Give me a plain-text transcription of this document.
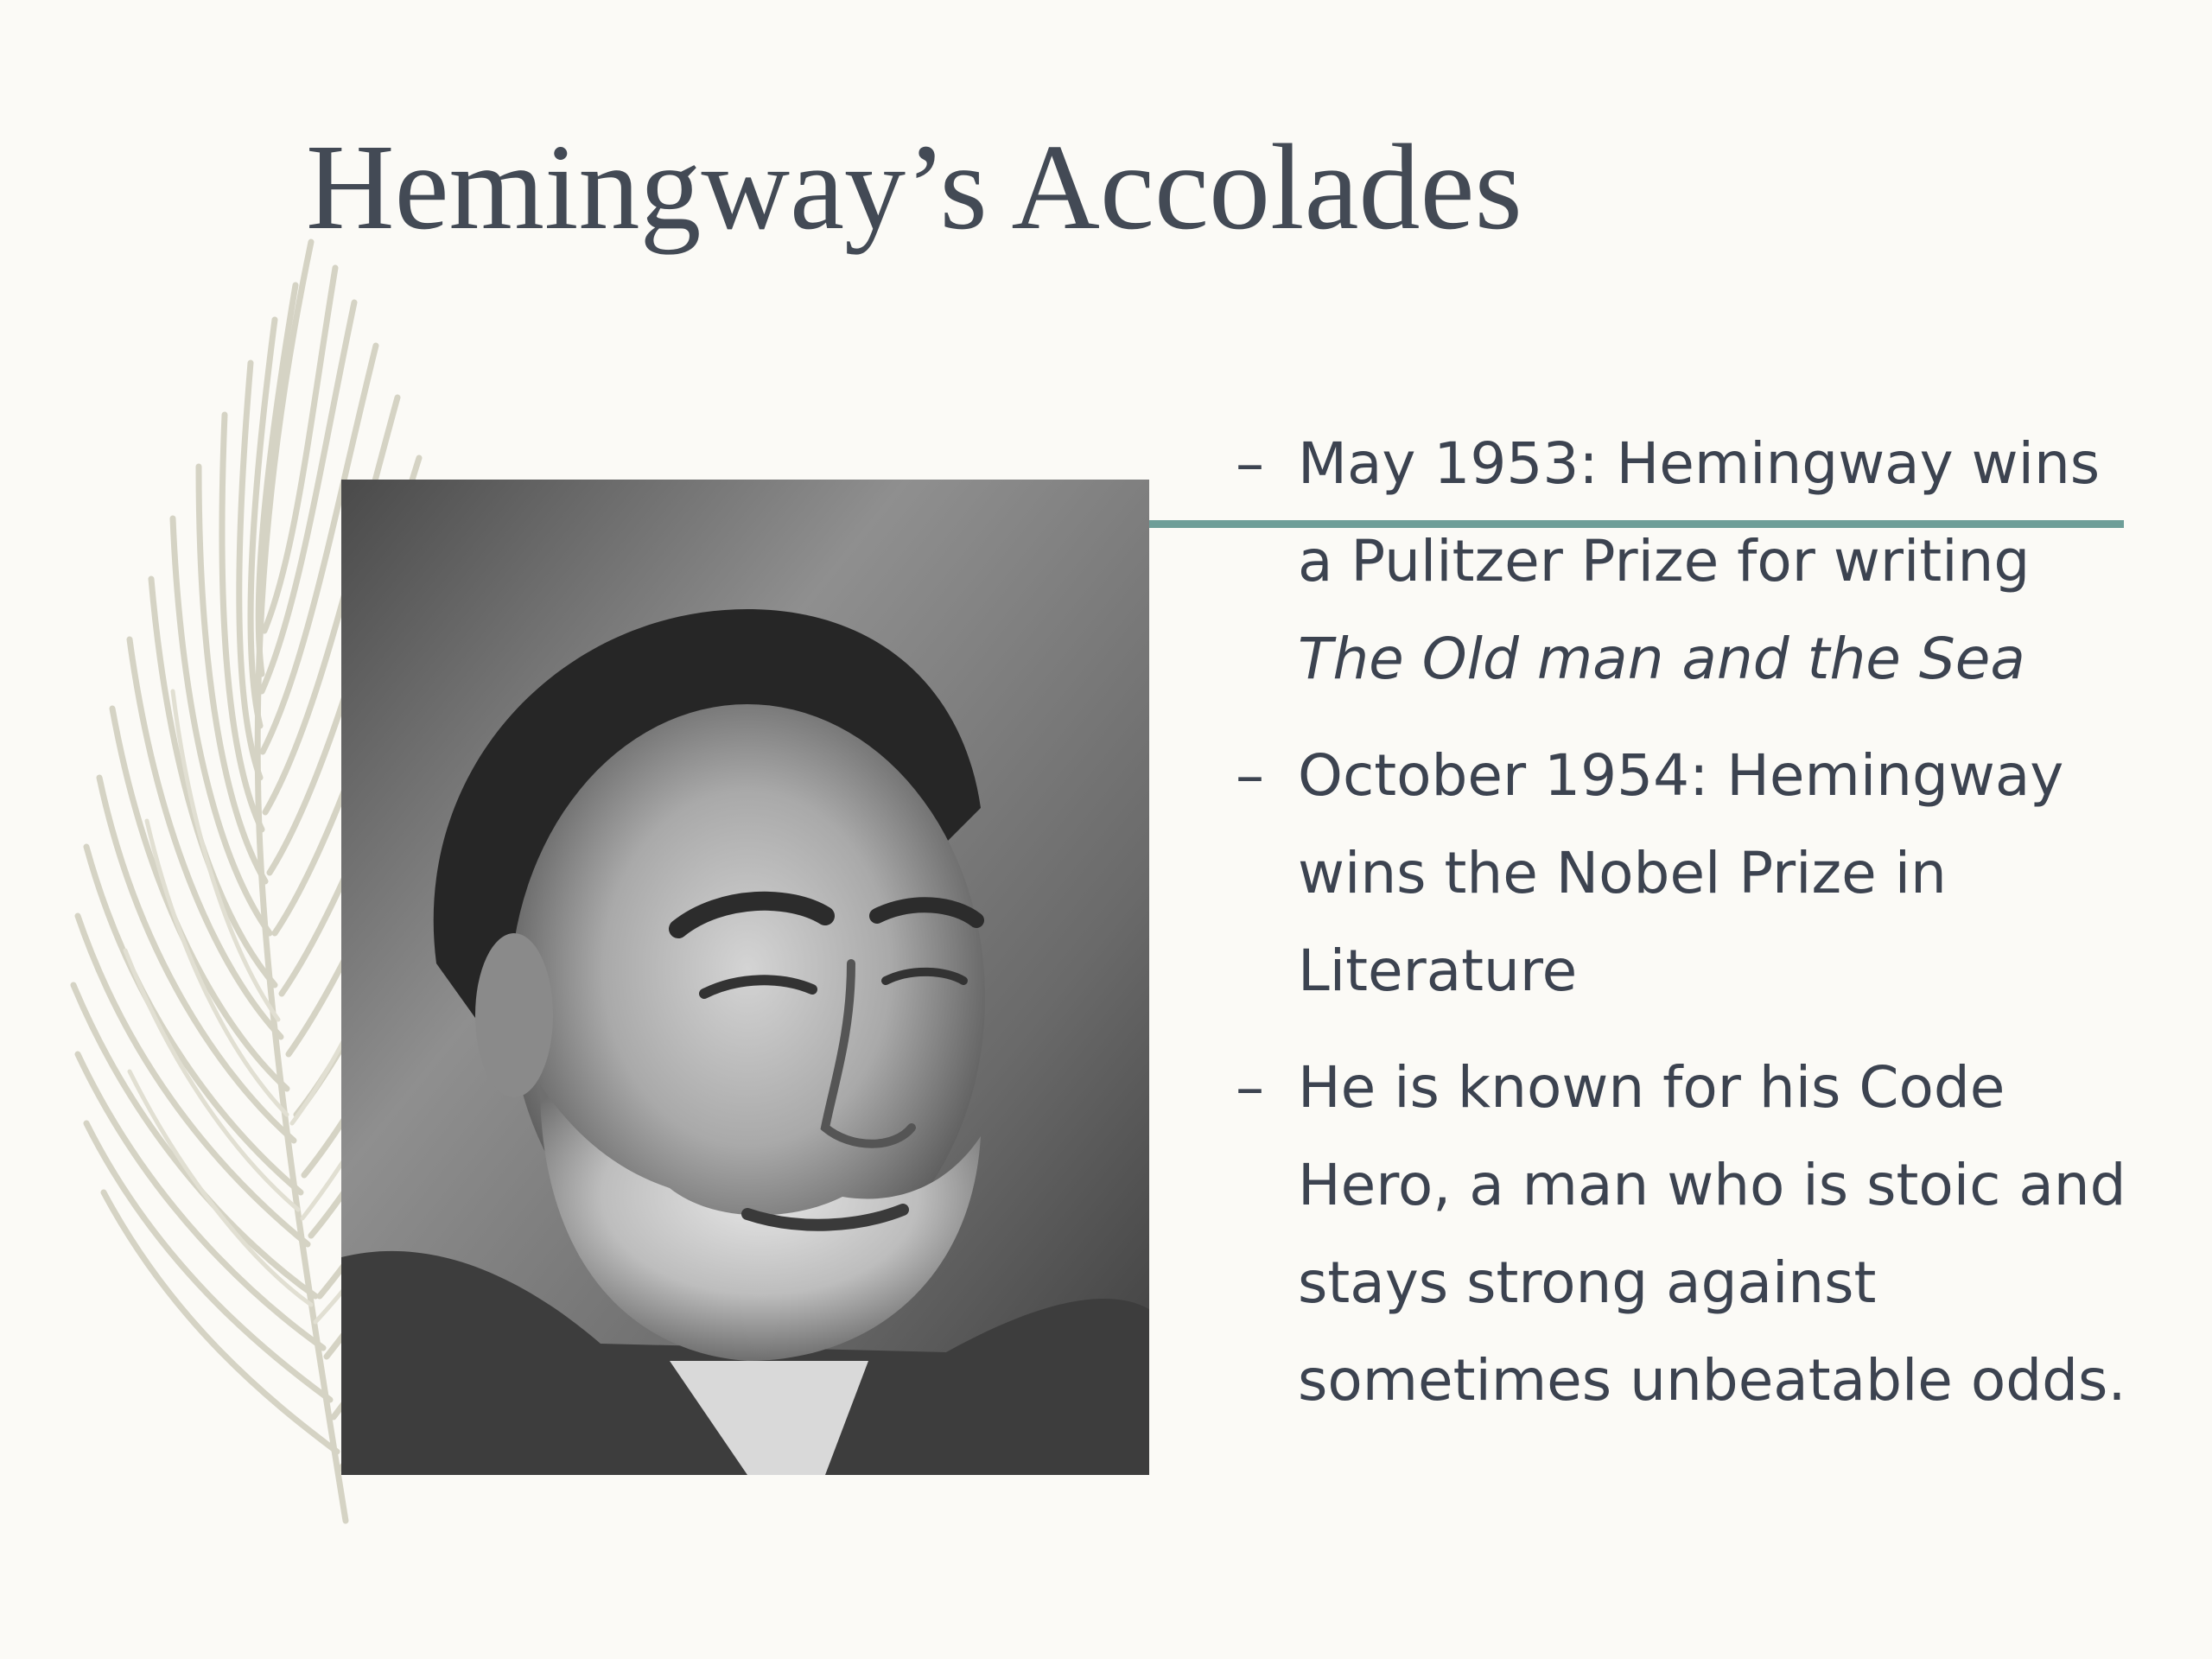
Hemingway’s Accolades
– May 1953: Hemingway wins a Pulitzer Prize for writing The Old man and the Sea
– October 1954: Hemingway wins the Nobel Prize in Literature
– He is known for his Code Hero, a man who is stoic and stays strong against sometimes unbeatable odds.
